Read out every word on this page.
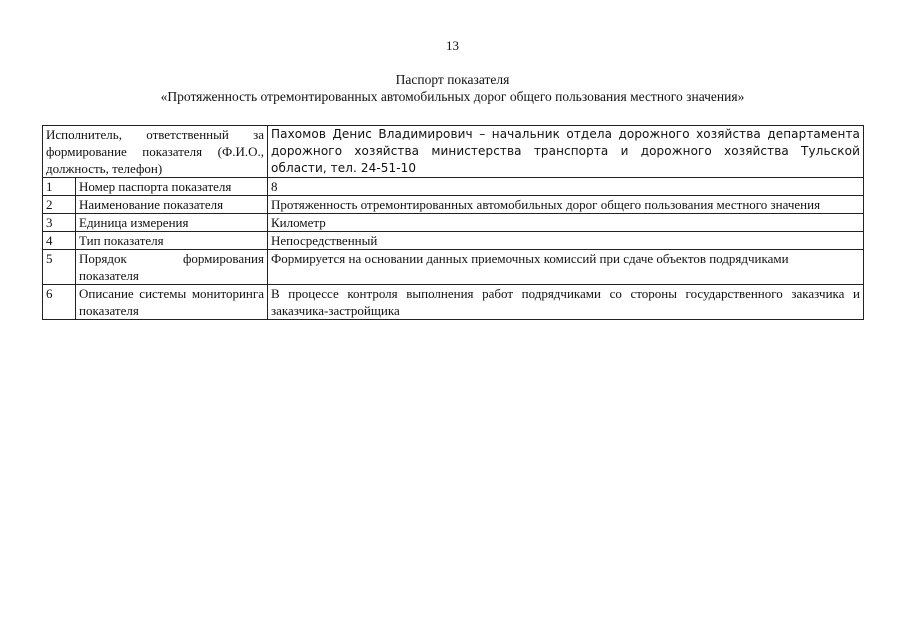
13
Паспорт показателя
«Протяженность отремонтированных автомобильных дорог общего пользования местного значения»
Исполнитель, ответственный за формирование показателя (Ф.И.О., должность, телефон)		Пахомов Денис Владимирович – начальник отдела дорожного хозяйства департамента дорожного хозяйства министерства транспорта и дорожного хозяйства Тульской области, тел. 24-51-10
1	Номер паспорта показателя	8
2	Наименование показателя	Протяженность отремонтированных автомобильных дорог общего пользования местного значения
3	Единица измерения	Километр
4	Тип показателя	Непосредственный
5	Порядок формирования показателя	Формируется на основании данных приемочных комиссий при сдаче объектов подрядчиками
6	Описание системы мониторинга показателя	В процессе контроля выполнения работ подрядчиками со стороны государственного заказчика и заказчика-застройщика
